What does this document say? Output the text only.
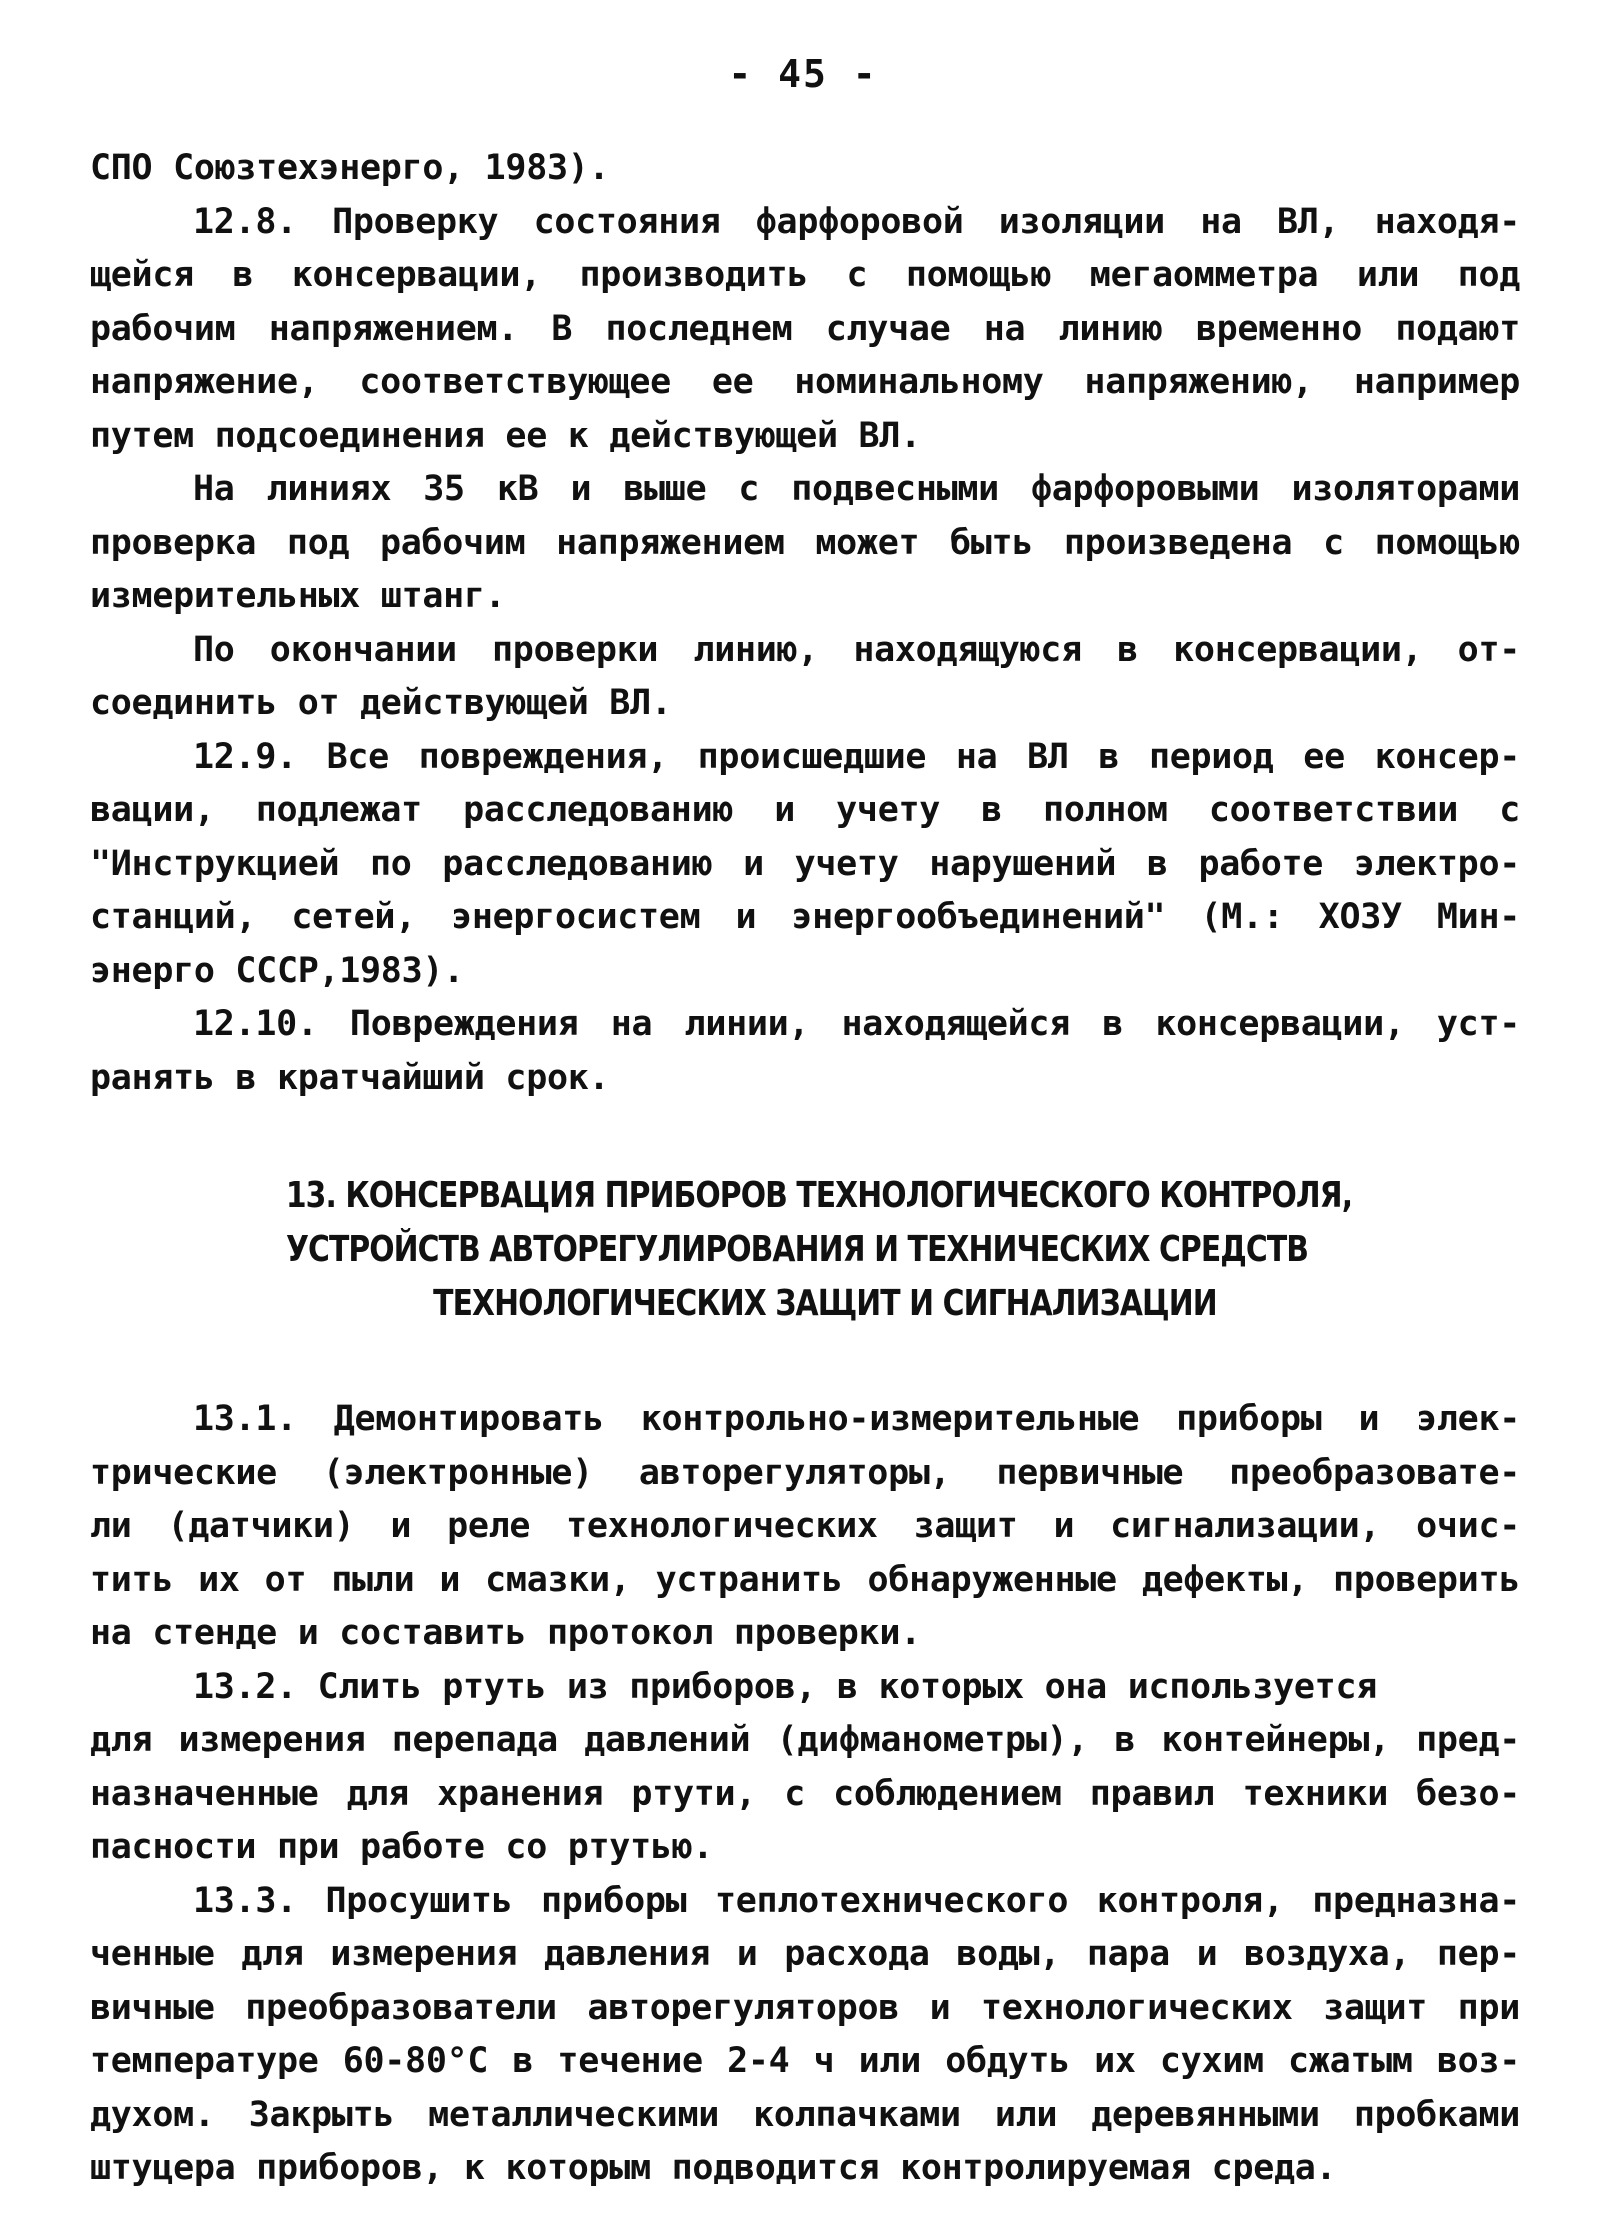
- 45 -
СПО Союзтехэнерго, 1983).
12.8. Проверку состояния фарфоровой изоляции на ВЛ, находя-
щейся в консервации, производить с помощью мегаомметра или под
рабочим напряжением. В последнем случае на линию временно подают
напряжение, соответствующее ее номинальному напряжению, например
путем подсоединения ее к действующей ВЛ.
На линиях 35 кВ и выше с подвесными фарфоровыми изоляторами
проверка под рабочим напряжением может быть произведена с помощью
измерительных штанг.
По окончании проверки линию, находящуюся в консервации, от-
соединить от действующей ВЛ.
12.9. Все повреждения, происшедшие на ВЛ в период ее консер-
вации, подлежат расследованию и учету в полном соответствии с
"Инструкцией по расследованию и учету нарушений в работе электро-
станций, сетей, энергосистем и энергообъединений" (М.: ХОЗУ Мин-
энерго СССР,1983).
12.10. Повреждения на линии, находящейся в консервации, уст-
ранять в кратчайший срок.
13. КОНСЕРВАЦИЯ ПРИБОРОВ ТЕХНОЛОГИЧЕСКОГО КОНТРОЛЯ,
УСТРОЙСТВ АВТОРЕГУЛИРОВАНИЯ И ТЕХНИЧЕСКИХ СРЕДСТВ
ТЕХНОЛОГИЧЕСКИХ ЗАЩИТ И СИГНАЛИЗАЦИИ
13.1. Демонтировать контрольно-измерительные приборы и элек-
трические (электронные) авторегуляторы, первичные преобразовате-
ли (датчики) и реле технологических защит и сигнализации, очис-
тить их от пыли и смазки, устранить обнаруженные дефекты, проверить
на стенде и составить протокол проверки.
13.2. Слить ртуть из приборов, в которых она используется
для измерения перепада давлений (дифманометры), в контейнеры, пред-
назначенные для хранения ртути, с соблюдением правил техники безо-
пасности при работе со ртутью.
13.3. Просушить приборы теплотехнического контроля, предназна-
ченные для измерения давления и расхода воды, пара и воздуха, пер-
вичные преобразователи авторегуляторов и технологических защит при
температуре 60-80°С в течение 2-4 ч или обдуть их сухим сжатым воз-
духом. Закрыть металлическими колпачками или деревянными пробками
штуцера приборов, к которым подводится контролируемая среда.
